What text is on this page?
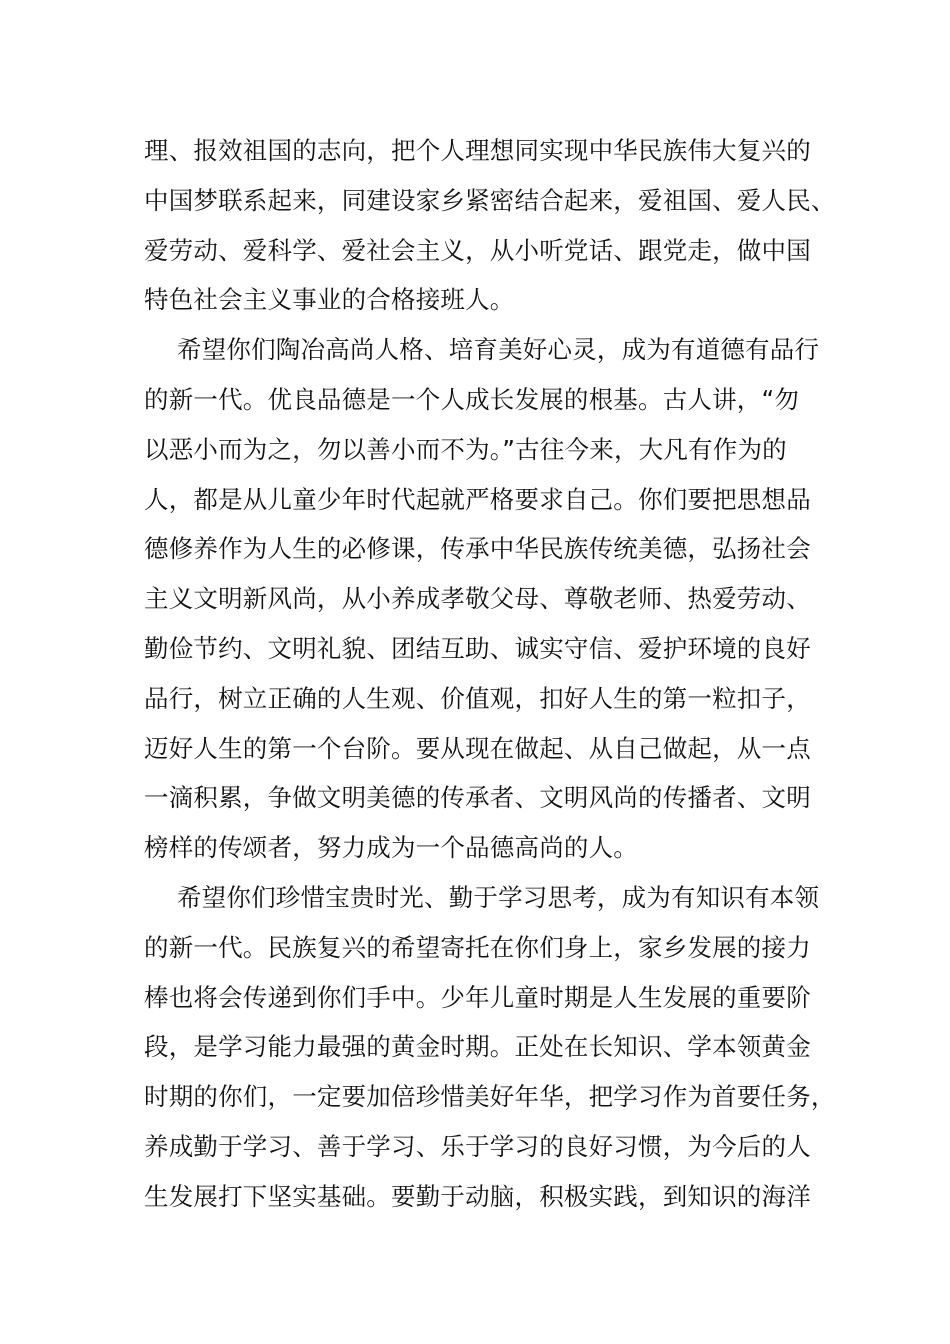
理、报效祖国的志向，把个人理想同实现中华民族伟大复兴的
中国梦联系起来，同建设家乡紧密结合起来，爱祖国、爱人民、
爱劳动、爱科学、爱社会主义，从小听党话、跟党走，做中国
特色社会主义事业的合格接班人。
希望你们陶冶高尚人格、培育美好心灵，成为有道德有品行
的新一代。优良品德是一个人成长发展的根基。古人讲，“勿
以恶小而为之，勿以善小而不为。”古往今来，大凡有作为的
人，都是从儿童少年时代起就严格要求自己。你们要把思想品
德修养作为人生的必修课，传承中华民族传统美德，弘扬社会
主义文明新风尚，从小养成孝敬父母、尊敬老师、热爱劳动、
勤俭节约、文明礼貌、团结互助、诚实守信、爱护环境的良好
品行，树立正确的人生观、价值观，扣好人生的第一粒扣子，
迈好人生的第一个台阶。要从现在做起、从自己做起，从一点
一滴积累，争做文明美德的传承者、文明风尚的传播者、文明
榜样的传颂者，努力成为一个品德高尚的人。
希望你们珍惜宝贵时光、勤于学习思考，成为有知识有本领
的新一代。民族复兴的希望寄托在你们身上，家乡发展的接力
棒也将会传递到你们手中。少年儿童时期是人生发展的重要阶
段，是学习能力最强的黄金时期。正处在长知识、学本领黄金
时期的你们，一定要加倍珍惜美好年华，把学习作为首要任务，
养成勤于学习、善于学习、乐于学习的良好习惯，为今后的人
生发展打下坚实基础。要勤于动脑，积极实践，到知识的海洋
